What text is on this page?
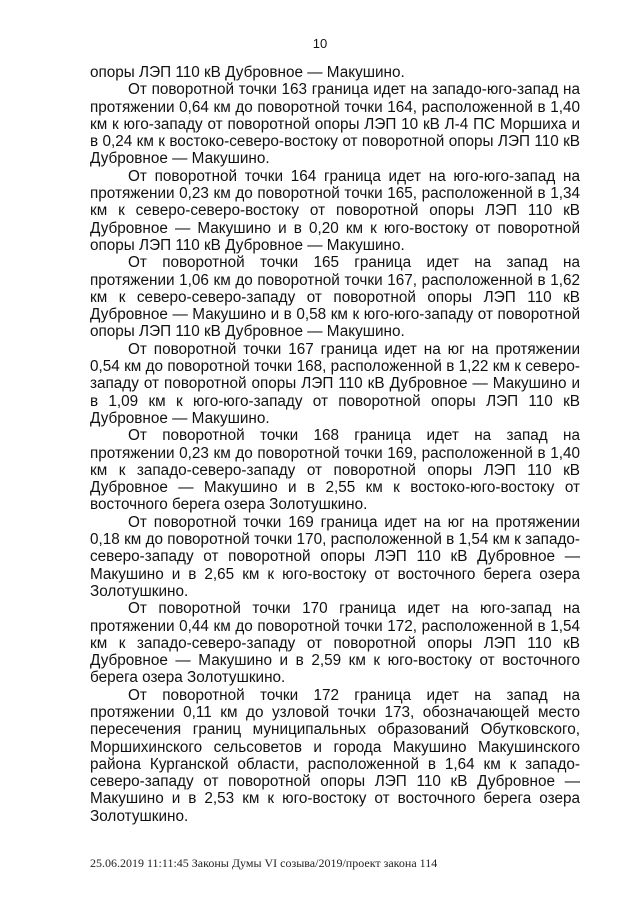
10

опоры ЛЭП 110 кВ Дубровное — Макушино.

От поворотной точки 163 граница идет на западо-юго-запад на протяжении 0,64 км до поворотной точки 164, расположенной в 1,40 км к юго-западу от поворотной опоры ЛЭП 10 кВ Л-4 ПС Моршиха и в 0,24 км к востоко-северо-востоку от поворотной опоры ЛЭП 110 кВ Дубровное — Макушино.

От поворотной точки 164 граница идет на юго-юго-запад на протяжении 0,23 км до поворотной точки 165, расположенной в 1,34 км к северо-северо-востоку от поворотной опоры ЛЭП 110 кВ Дубровное — Макушино и в 0,20 км к юго-востоку от поворотной опоры ЛЭП 110 кВ Дубровное — Макушино.

От поворотной точки 165 граница идет на запад на протяжении 1,06 км до поворотной точки 167, расположенной в 1,62 км к северо-северо-западу от поворотной опоры ЛЭП 110 кВ Дубровное — Макушино и в 0,58 км к юго-юго-западу от поворотной опоры ЛЭП 110 кВ Дубровное — Макушино.

От поворотной точки 167 граница идет на юг на протяжении 0,54 км до поворотной точки 168, расположенной в 1,22 км к северо-западу от поворотной опоры ЛЭП 110 кВ Дубровное — Макушино и в 1,09 км к юго-юго-западу от поворотной опоры ЛЭП 110 кВ Дубровное — Макушино.

От поворотной точки 168 граница идет на запад на протяжении 0,23 км до поворотной точки 169, расположенной в 1,40 км к западо-северо-западу от поворотной опоры ЛЭП 110 кВ Дубровное — Макушино и в 2,55 км к востоко-юго-востоку от восточного берега озера Золотушкино.

От поворотной точки 169 граница идет на юг на протяжении 0,18 км до поворотной точки 170, расположенной в 1,54 км к западо-северо-западу от поворотной опоры ЛЭП 110 кВ Дубровное — Макушино и в 2,65 км к юго-востоку от восточного берега озера Золотушкино.

От поворотной точки 170 граница идет на юго-запад на протяжении 0,44 км до поворотной точки 172, расположенной в 1,54 км к западо-северо-западу от поворотной опоры ЛЭП 110 кВ Дубровное — Макушино и в 2,59 км к юго-востоку от восточного берега озера Золотушкино.

От поворотной точки 172 граница идет на запад на протяжении 0,11 км до узловой точки 173, обозначающей место пересечения границ муниципальных образований Обутковского, Моршихинского сельсоветов и города Макушино Макушинского района Курганской области, расположенной в 1,64 км к западо-северо-западу от поворотной опоры ЛЭП 110 кВ Дубровное — Макушино и в 2,53 км к юго-востоку от восточного берега озера Золотушкино.

25.06.2019 11:11:45 Законы Думы VI созыва/2019/проект закона 114
